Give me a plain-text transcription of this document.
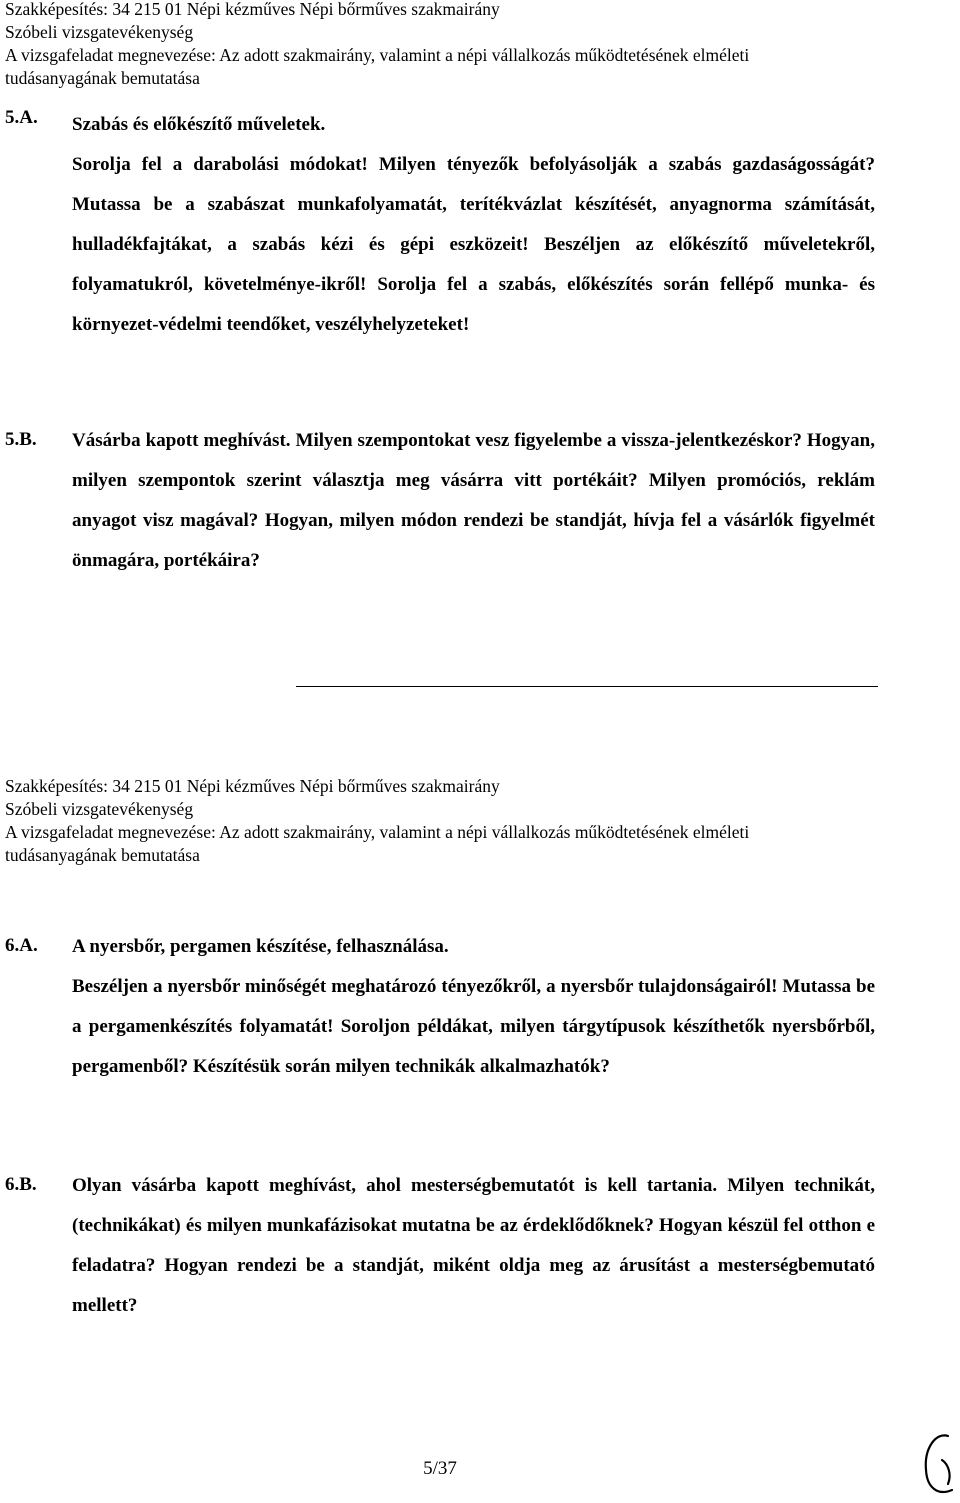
Szakképesítés: 34 215 01 Népi kézműves Népi bőrműves szakmairány
Szóbeli vizsgatevékenység
A vizsgafeladat megnevezése: Az adott szakmairány, valamint a népi vállalkozás működtetésének elméleti
tudásanyagának bemutatása
5.A. Szabás és előkészítő műveletek.

Sorolja fel a darabolási módokat! Milyen tényezők befolyásolják a szabás gazdaságosságát? Mutassa be a szabászat munkafolyamatát, terítékvázlat készítését, anyagnorma számítását, hulladékfajtákat, a szabás kézi és gépi eszközeit! Beszéljen az előkészítő műveletekről, folyamatukról, követelménye-ikről! Sorolja fel a szabás, előkészítés során fellépő munka- és környezet-védelmi teendőket, veszélyhelyzeteket!

5.B. Vásárba kapott meghívást. Milyen szempontokat vesz figyelembe a vissza-jelentkezéskor? Hogyan, milyen szempontok szerint választja meg vásárra vitt portékáit? Milyen promóciós, reklám anyagot visz magával? Hogyan, milyen módon rendezi be standját, hívja fel a vásárlók figyelmét önmagára, portékáira?

Szakképesítés: 34 215 01 Népi kézműves Népi bőrműves szakmairány
Szóbeli vizsgatevékenység
A vizsgafeladat megnevezése: Az adott szakmairány, valamint a népi vállalkozás működtetésének elméleti
tudásanyagának bemutatása
6.A. A nyersbőr, pergamen készítése, felhasználása.

Beszéljen a nyersbőr minőségét meghatározó tényezőkről, a nyersbőr tulajdonságairól! Mutassa be a pergamenkészítés folyamatát! Soroljon példákat, milyen tárgytípusok készíthetők nyersbőrből, pergamenből? Készítésük során milyen technikák alkalmazhatók?

6.B. Olyan vásárba kapott meghívást, ahol mesterségbemutatót is kell tartania. Milyen technikát, (technikákat) és milyen munkafázisokat mutatna be az érdeklődőknek? Hogyan készül fel otthon e feladatra? Hogyan rendezi be a standját, miként oldja meg az árusítást a mesterségbemutató mellett?

5/37
